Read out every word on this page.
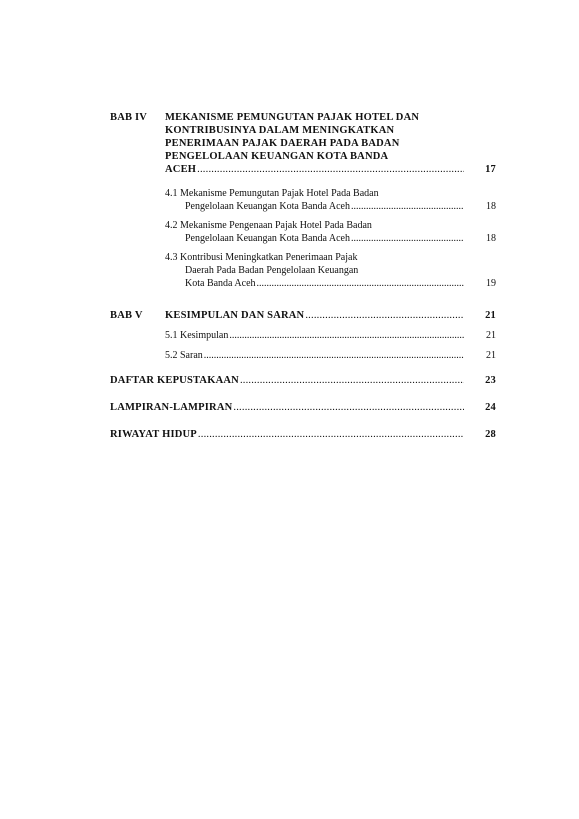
BAB IV MEKANISME PEMUNGUTAN PAJAK HOTEL DAN
KONTRIBUSINYA DALAM MENINGKATKAN
PENERIMAAN PAJAK DAERAH PADA BADAN
PENGELOLAAN KEUANGAN KOTA BANDA
ACEH .....	17
4.1 Mekanisme Pemungutan Pajak Hotel Pada Badan
Pengelolaan Keuangan Kota Banda Aceh .....	18
4.2 Mekanisme Pengenaan Pajak Hotel Pada Badan
Pengelolaan Keuangan Kota Banda Aceh .....	18
4.3 Kontribusi Meningkatkan Penerimaan Pajak
Daerah Pada Badan Pengelolaan Keuangan
Kota Banda Aceh .....	19
BAB V KESIMPULAN DAN SARAN .....	21
5.1 Kesimpulan .....	21
5.2 Saran .....	21
DAFTAR KEPUSTAKAAN .....	23
LAMPIRAN-LAMPIRAN .....	24
RIWAYAT HIDUP .....	28
